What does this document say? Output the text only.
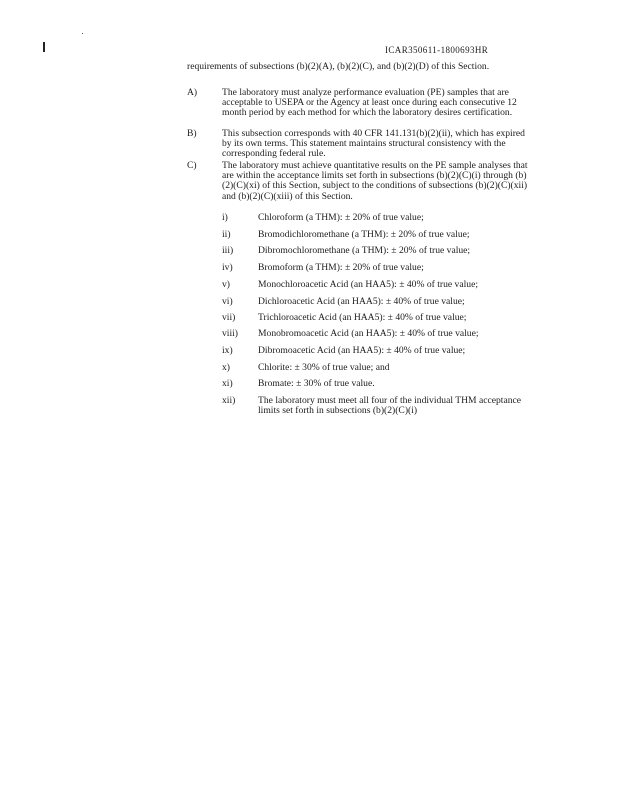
ICAR350611-1800693HR
requirements of subsections (b)(2)(A), (b)(2)(C), and (b)(2)(D) of this Section.
A)	The laboratory must analyze performance evaluation (PE) samples that are acceptable to USEPA or the Agency at least once during each consecutive 12 month period by each method for which the laboratory desires certification.
B)	This subsection corresponds with 40 CFR 141.131(b)(2)(ii), which has expired by its own terms. This statement maintains structural consistency with the corresponding federal rule.
C)	The laboratory must achieve quantitative results on the PE sample analyses that are within the acceptance limits set forth in subsections (b)(2)(C)(i) through (b)(2)(C)(xi) of this Section, subject to the conditions of subsections (b)(2)(C)(xii) and (b)(2)(C)(xiii) of this Section.
i)	Chloroform (a THM): ± 20% of true value;
ii)	Bromodichloromethane (a THM): ± 20% of true value;
iii)	Dibromochloromethane (a THM): ± 20% of true value;
iv)	Bromoform (a THM): ± 20% of true value;
v)	Monochloroacetic Acid (an HAA5): ± 40% of true value;
vi)	Dichloroacetic Acid (an HAA5): ± 40% of true value;
vii) Trichloroacetic Acid (an HAA5): ± 40% of true value;
viii) Monobromoacetic Acid (an HAA5): ± 40% of true value;
ix)	Dibromoacetic Acid (an HAA5): ± 40% of true value;
x)	Chlorite: ± 30% of true value; and
xi)	Bromate: ± 30% of true value.
xii) The laboratory must meet all four of the individual THM acceptance limits set forth in subsections (b)(2)(C)(i)
